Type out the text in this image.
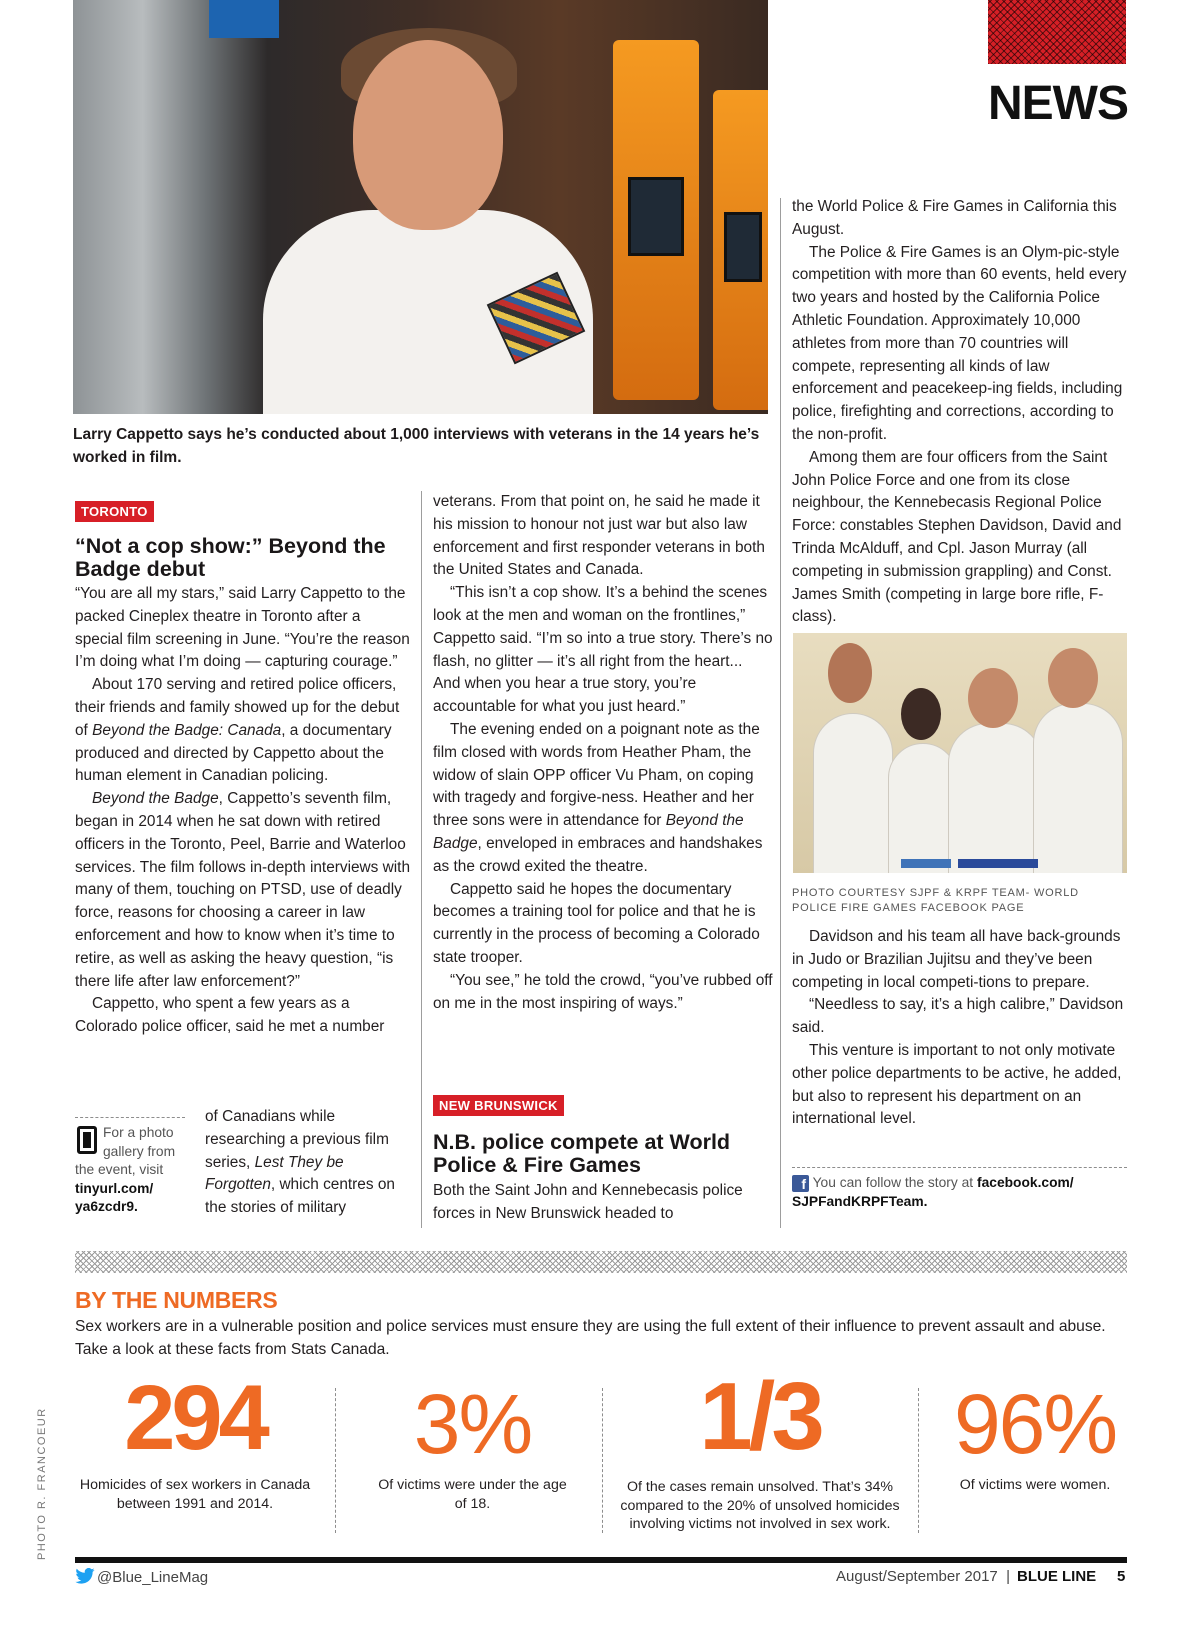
Larry Cappetto says he’s conducted about 1,000 interviews with veterans in the 14 years he’s worked in film.
NEWS
TORONTO
“Not a cop show:” Beyond the Badge debut

“You are all my stars,” said Larry Cappetto to the packed Cineplex theatre in Toronto after a special film screening in June. “You’re the reason I’m doing what I’m doing — capturing courage.”

About 170 serving and retired police officers, their friends and family showed up for the debut of Beyond the Badge: Canada, a documentary produced and directed by Cappetto about the human element in Canadian policing.

Beyond the Badge, Cappetto’s seventh film, began in 2014 when he sat down with retired officers in the Toronto, Peel, Barrie and Waterloo services. The film follows in-depth interviews with many of them, touching on PTSD, use of deadly force, reasons for choosing a career in law enforcement and how to know when it’s time to retire, as well as asking the heavy question, “is there life after law enforcement?”

Cappetto, who spent a few years as a Colorado police officer, said he met a number

For a photo gallery from the event, visit tinyurl.com/ ya6zcdr9.
of Canadians while researching a previous film series, Lest They be Forgotten, which centres on the stories of military

veterans. From that point on, he said he made it his mission to honour not just war but also law enforcement and first responder veterans in both the United States and Canada.

“This isn’t a cop show. It’s a behind the scenes look at the men and woman on the frontlines,” Cappetto said. “I’m so into a true story. There’s no flash, no glitter — it’s all right from the heart... And when you hear a true story, you’re accountable for what you just heard.”

The evening ended on a poignant note as the film closed with words from Heather Pham, the widow of slain OPP officer Vu Pham, on coping with tragedy and forgive-ness. Heather and her three sons were in attendance for Beyond the Badge, enveloped in embraces and handshakes as the crowd exited the theatre.

Cappetto said he hopes the documentary becomes a training tool for police and that he is currently in the process of becoming a Colorado state trooper.

“You see,” he told the crowd, “you’ve rubbed off on me in the most inspiring of ways.”

NEW BRUNSWICK
N.B. police compete at World Police & Fire Games
Both the Saint John and Kennebecasis police forces in New Brunswick headed to

the World Police & Fire Games in California this August.

The Police & Fire Games is an Olym-pic-style competition with more than 60 events, held every two years and hosted by the California Police Athletic Foundation. Approximately 10,000 athletes from more than 70 countries will compete, representing all kinds of law enforcement and peacekeep-ing fields, including police, firefighting and corrections, according to the non-profit.

Among them are four officers from the Saint John Police Force and one from its close neighbour, the Kennebecasis Regional Police Force: constables Stephen Davidson, David and Trinda McAlduff, and Cpl. Jason Murray (all competing in submission grappling) and Const. James Smith (competing in large bore rifle, F-class).

PHOTO COURTESY SJPF & KRPF TEAM- WORLD POLICE FIRE GAMES FACEBOOK PAGE

Davidson and his team all have back-grounds in Judo or Brazilian Jujitsu and they’ve been competing in local competi-tions to prepare.

“Needless to say, it’s a high calibre,” Davidson said.

This venture is important to not only motivate other police departments to be active, he added, but also to represent his department on an international level.

f You can follow the story at facebook.com/ SJPFandKRPFTeam.
BY THE NUMBERS
Sex workers are in a vulnerable position and police services must ensure they are using the full extent of their influence to prevent assault and abuse. Take a look at these facts from Stats Canada.
294
Homicides of sex workers in Canada between 1991 and 2014.
3%
Of victims were under the age of 18.
1/3
Of the cases remain unsolved. That’s 34% compared to the 20% of unsolved homicides involving victims not involved in sex work.
96%
Of victims were women.
PHOTO R. FRANCOEUR
@Blue_LineMag	August/September 2017 | BLUE LINE 5
